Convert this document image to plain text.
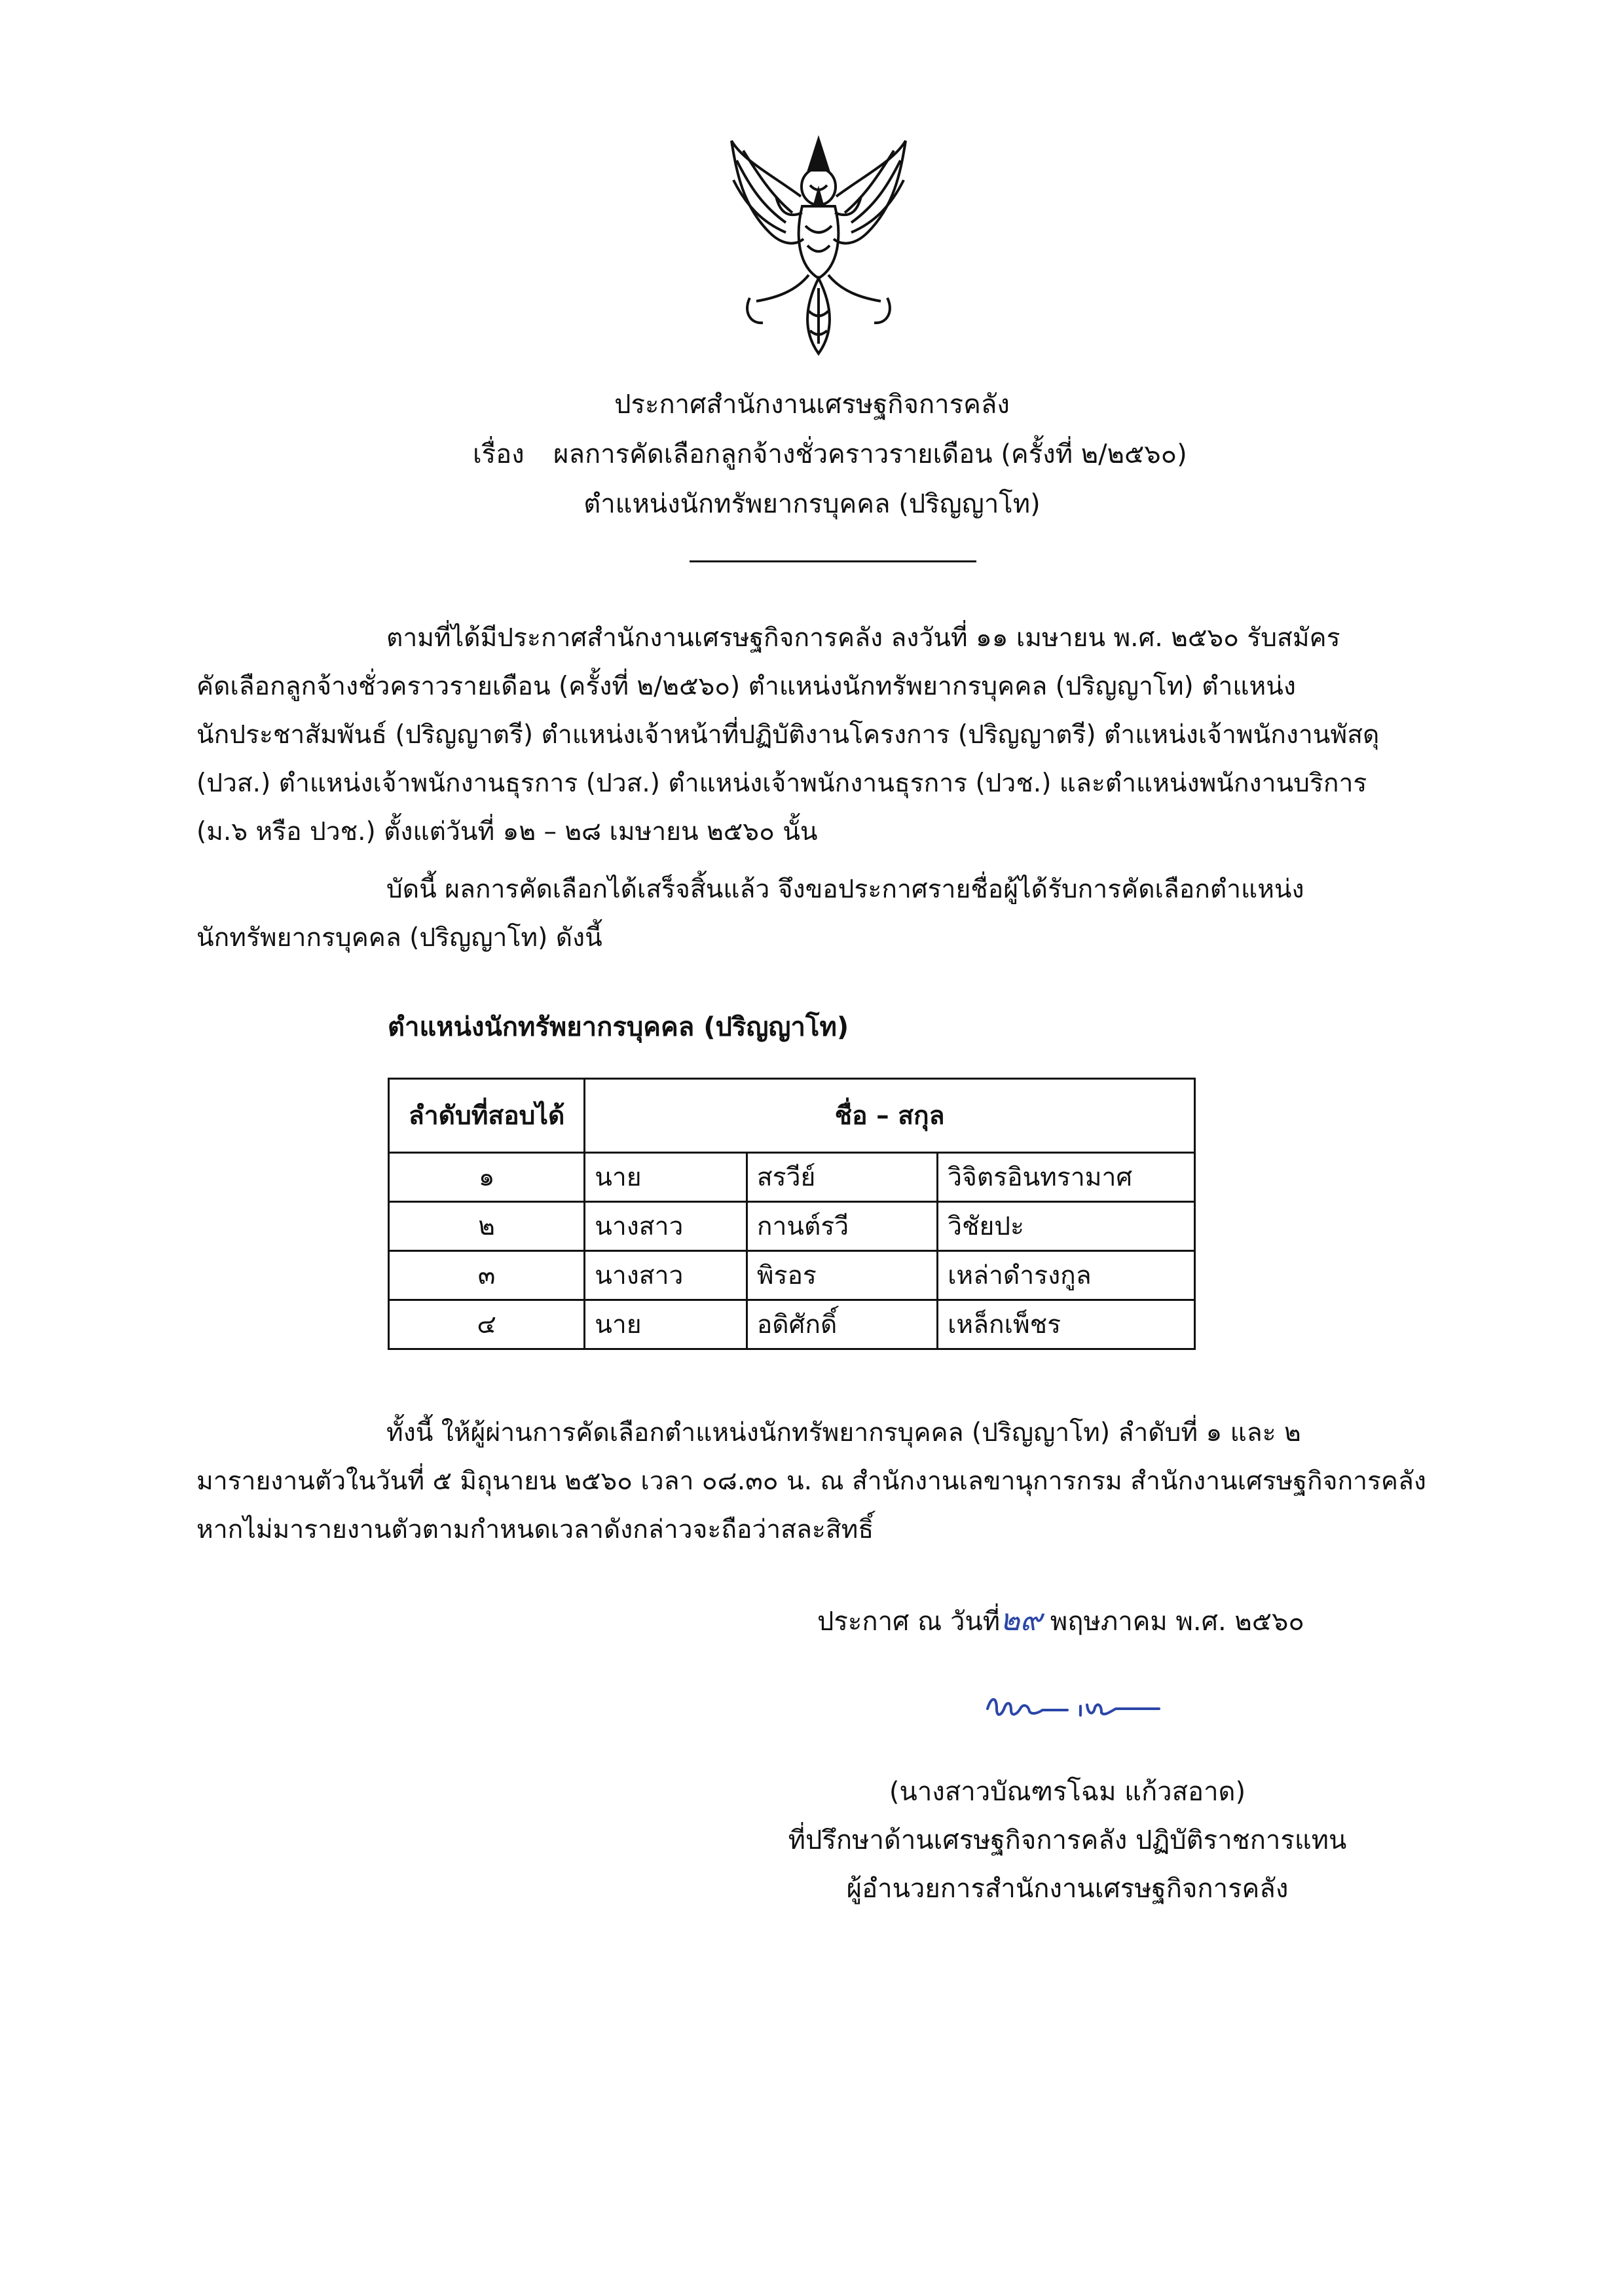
ประกาศสำนักงานเศรษฐกิจการคลัง
เรื่อง ผลการคัดเลือกลูกจ้างชั่วคราวรายเดือน (ครั้งที่ ๒/๒๕๖๐)
ตำแหน่งนักทรัพยากรบุคคล (ปริญญาโท)
ตามที่ได้มีประกาศสำนักงานเศรษฐกิจการคลัง ลงวันที่ ๑๑ เมษายน พ.ศ. ๒๕๖๐ รับสมัคร
คัดเลือกลูกจ้างชั่วคราวรายเดือน (ครั้งที่ ๒/๒๕๖๐) ตำแหน่งนักทรัพยากรบุคคล (ปริญญาโท) ตำแหน่ง
นักประชาสัมพันธ์ (ปริญญาตรี) ตำแหน่งเจ้าหน้าที่ปฏิบัติงานโครงการ (ปริญญาตรี) ตำแหน่งเจ้าพนักงานพัสดุ
(ปวส.) ตำแหน่งเจ้าพนักงานธุรการ (ปวส.) ตำแหน่งเจ้าพนักงานธุรการ (ปวช.) และตำแหน่งพนักงานบริการ
(ม.๖ หรือ ปวช.) ตั้งแต่วันที่ ๑๒ – ๒๘ เมษายน ๒๕๖๐ นั้น
บัดนี้ ผลการคัดเลือกได้เสร็จสิ้นแล้ว จึงขอประกาศรายชื่อผู้ได้รับการคัดเลือกตำแหน่ง
นักทรัพยากรบุคคล (ปริญญาโท) ดังนี้
ตำแหน่งนักทรัพยากรบุคคล (ปริญญาโท)
ลำดับที่สอบได้	ชื่อ – สกุล		
๑	นาย	สรวีย์	วิจิตรอินทรามาศ
๒	นางสาว	กานต์รวี	วิชัยปะ
๓	นางสาว	พิรอร	เหล่าดำรงกูล
๔	นาย	อดิศักดิ์	เหล็กเพ็ชร
ทั้งนี้ ให้ผู้ผ่านการคัดเลือกตำแหน่งนักทรัพยากรบุคคล (ปริญญาโท) ลำดับที่ ๑ และ ๒
มารายงานตัวในวันที่ ๕ มิถุนายน ๒๕๖๐ เวลา ๐๘.๓๐ น. ณ สำนักงานเลขานุการกรม สำนักงานเศรษฐกิจการคลัง
หากไม่มารายงานตัวตามกำหนดเวลาดังกล่าวจะถือว่าสละสิทธิ์
ประกาศ ณ วันที่๒๙ พฤษภาคม พ.ศ. ๒๕๖๐
(นางสาวบัณฑรโฉม แก้วสอาด)
ที่ปรึกษาด้านเศรษฐกิจการคลัง ปฏิบัติราชการแทน
ผู้อำนวยการสำนักงานเศรษฐกิจการคลัง
